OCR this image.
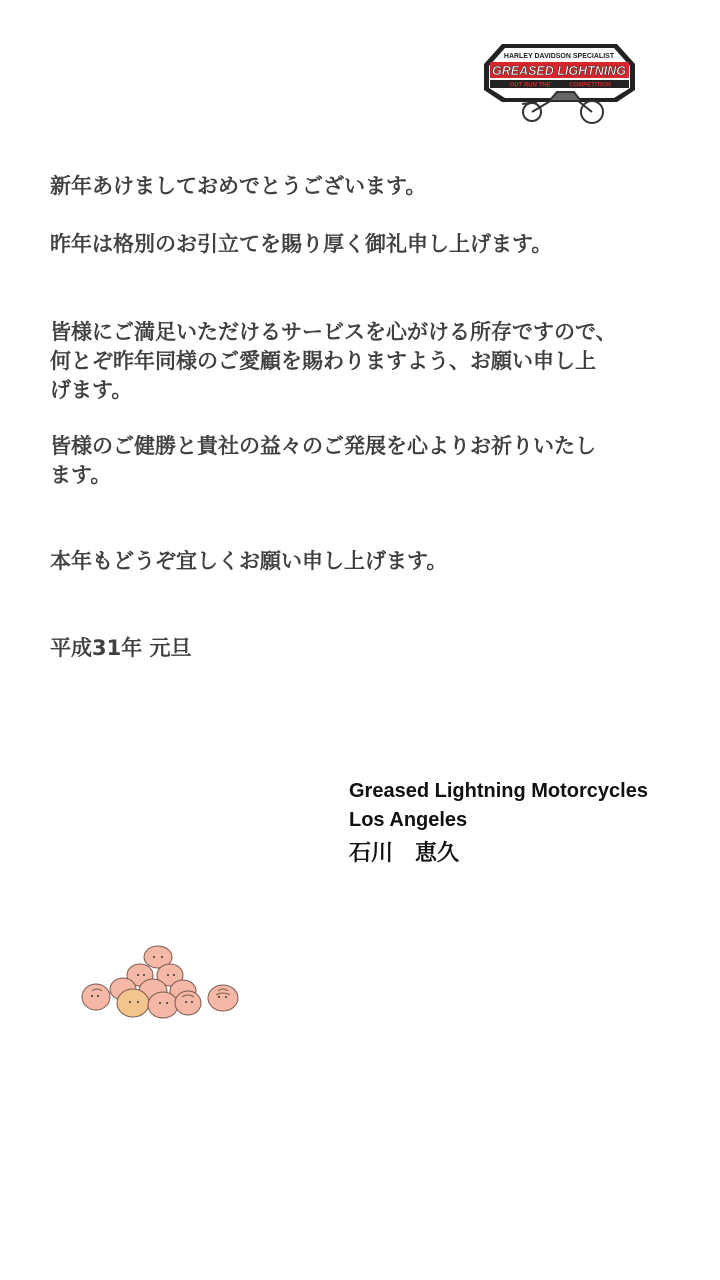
HARLEY DAVIDSON SPECIALIST
GREASED LIGHTNING
OUT RUN THE	COMPETITION
新年あけましておめでとうございます。
昨年は格別のお引立てを賜り厚く御礼申し上げます。
皆様にご満足いただけるサービスを心がける所存ですので、
何とぞ昨年同様のご愛顧を賜わりますよう、お願い申し上
げます。
皆様のご健勝と貴社の益々のご発展を心よりお祈りいたし
ます。
本年もどうぞ宜しくお願い申し上げます。
平成31年 元旦
Greased Lightning Motorcycles
Los Angeles
石川　恵久
